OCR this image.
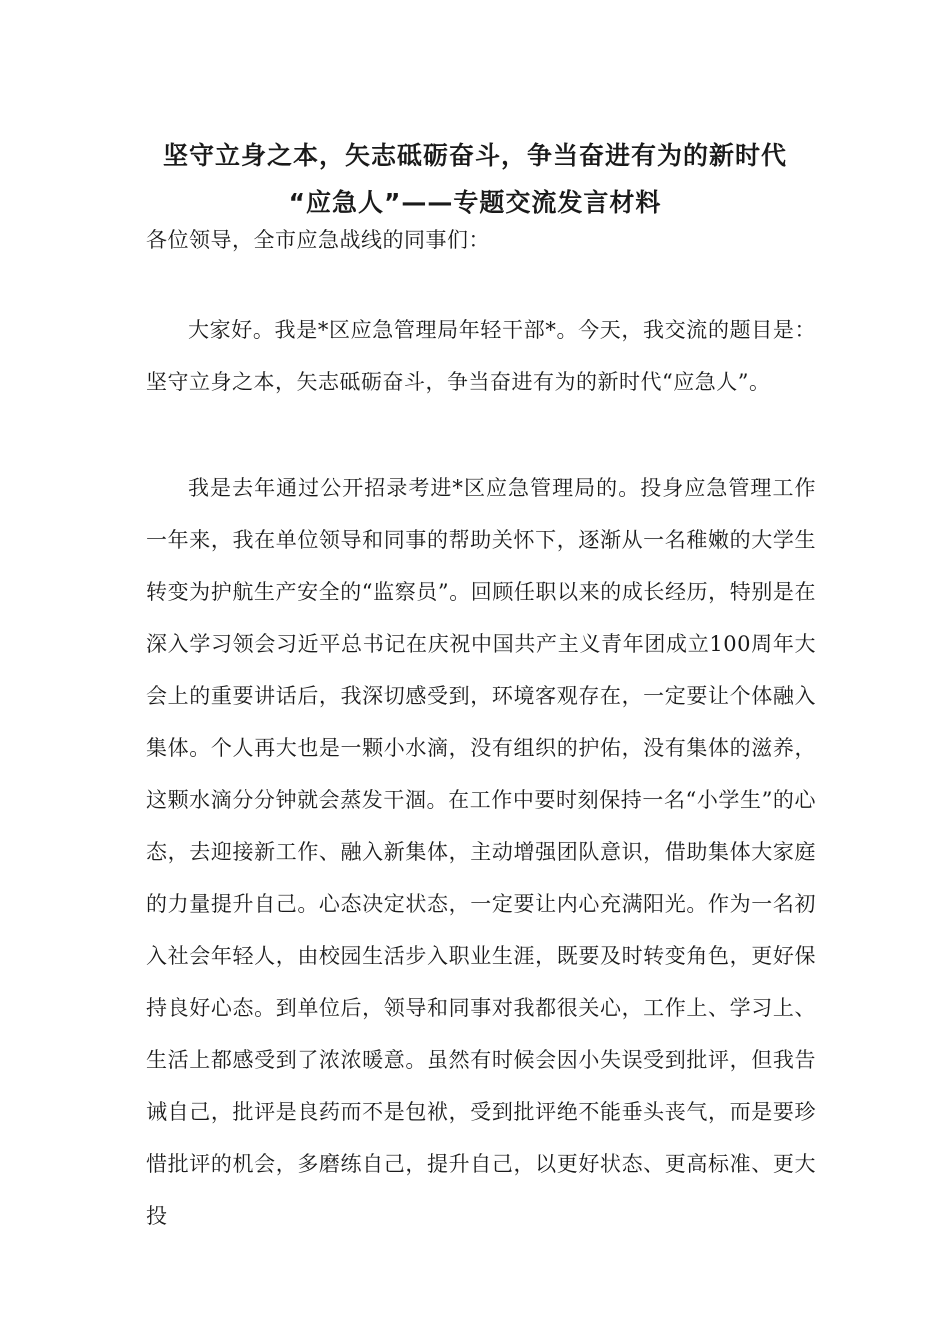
坚守立身之本，矢志砥砺奋斗，争当奋进有为的新时代
“应急人”——专题交流发言材料

各位领导，全市应急战线的同事们：

大家好。我是*区应急管理局年轻干部*。今天，我交流的题目是：坚守立身之本，矢志砥砺奋斗，争当奋进有为的新时代“应急人”。

我是去年通过公开招录考进*区应急管理局的。投身应急管理工作一年来，我在单位领导和同事的帮助关怀下，逐渐从一名稚嫩的大学生转变为护航生产安全的“监察员”。回顾任职以来的成长经历，特别是在深入学习领会习近平总书记在庆祝中国共产主义青年团成立100周年大会上的重要讲话后，我深切感受到，环境客观存在，一定要让个体融入集体。个人再大也是一颗小水滴，没有组织的护佑，没有集体的滋养，这颗水滴分分钟就会蒸发干涸。在工作中要时刻保持一名“小学生”的心态，去迎接新工作、融入新集体，主动增强团队意识，借助集体大家庭的力量提升自己。心态决定状态，一定要让内心充满阳光。作为一名初入社会年轻人，由校园生活步入职业生涯，既要及时转变角色，更好保持良好心态。到单位后，领导和同事对我都很关心，工作上、学习上、生活上都感受到了浓浓暖意。虽然有时候会因小失误受到批评，但我告诫自己，批评是良药而不是包袱，受到批评绝不能垂头丧气，而是要珍惜批评的机会，多磨练自己，提升自己，以更好状态、更高标准、更大投
